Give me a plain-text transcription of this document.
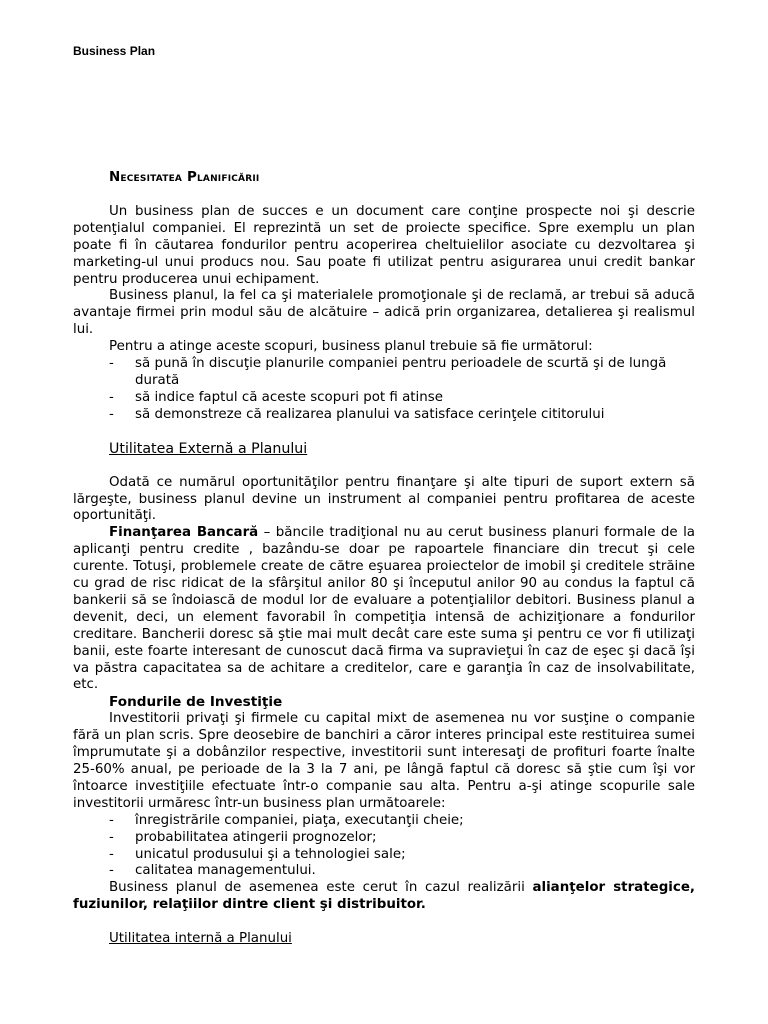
Business Plan
Necesitatea Planificării

Un business plan de succes e un document care conţine prospecte noi şi descrie potenţialul companiei. El reprezintă un set de proiecte specifice. Spre exemplu un plan poate fi în căutarea fondurilor pentru acoperirea cheltuielilor asociate cu dezvoltarea şi marketing-ul unui producs nou. Sau poate fi utilizat pentru asigurarea unui credit bankar pentru producerea unui echipament.

Business planul, la fel ca şi materialele promoţionale şi de reclamă, ar trebui să aducă avantaje firmei prin modul său de alcătuire – adică prin organizarea, detalierea şi realismul lui.

Pentru a atinge aceste scopuri, business planul trebuie să fie următorul:

- să pună în discuţie planurile companiei pentru perioadele de scurtă şi de lungă durată
- să indice faptul că aceste scopuri pot fi atinse
- să demonstreze că realizarea planului va satisface cerinţele cititorului
Utilitatea Externă a Planului

Odată ce numărul oportunităţilor pentru finanţare şi alte tipuri de suport extern să lărgeşte, business planul devine un instrument al companiei pentru profitarea de aceste oportunităţi.

Finanţarea Bancară – băncile tradiţional nu au cerut business planuri formale de la aplicanţi pentru credite , bazându-se doar pe rapoartele financiare din trecut şi cele curente. Totuşi, problemele create de către eşuarea proiectelor de imobil şi creditele străine cu grad de risc ridicat de la sfârşitul anilor 80 şi începutul anilor 90 au condus la faptul că bankerii să se îndoiască de modul lor de evaluare a potenţialilor debitori. Business planul a devenit, deci, un element favorabil în competiţia intensă de achiziţionare a fondurilor creditare. Bancherii doresc să ştie mai mult decât care este suma şi pentru ce vor fi utilizaţi banii, este foarte interesant de cunoscut dacă firma va supravieţui în caz de eşec şi dacă îşi va păstra capacitatea sa de achitare a creditelor, care e garanţia în caz de insolvabilitate, etc.

Fondurile de Investiţie

Investitorii privaţi şi firmele cu capital mixt de asemenea nu vor susţine o companie fără un plan scris. Spre deosebire de banchiri a căror interes principal este restituirea sumei împrumutate şi a dobânzilor respective, investitorii sunt interesaţi de profituri foarte înalte 25-60% anual, pe perioade de la 3 la 7 ani, pe lângă faptul că doresc să ştie cum îşi vor întoarce investiţiile efectuate într-o companie sau alta. Pentru a-şi atinge scopurile sale investitorii urmăresc într-un business plan următoarele:

- înregistrările companiei, piaţa, executanţii cheie;
- probabilitatea atingerii prognozelor;
- unicatul produsului şi a tehnologiei sale;
- calitatea managementului.

Business planul de asemenea este cerut în cazul realizării alianţelor strategice, fuziunilor, relaţiilor dintre client şi distribuitor.

Utilitatea internă a Planului
